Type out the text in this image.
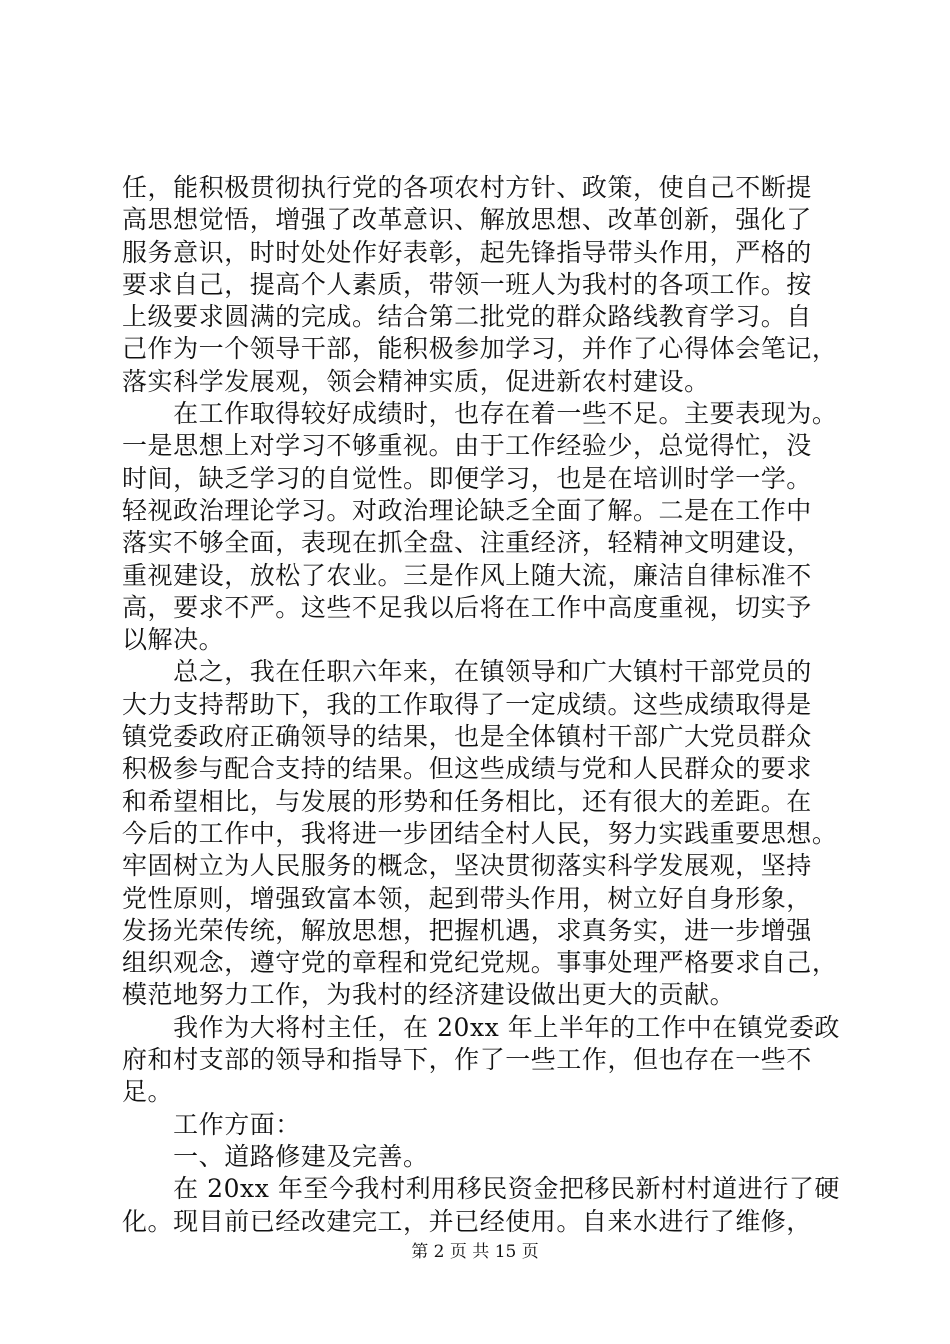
任，能积极贯彻执行党的各项农村方针、政策，使自己不断提
高思想觉悟，增强了改革意识、解放思想、改革创新，强化了
服务意识，时时处处作好表彰，起先锋指导带头作用，严格的
要求自己，提高个人素质，带领一班人为我村的各项工作。按
上级要求圆满的完成。结合第二批党的群众路线教育学习。自
己作为一个领导干部，能积极参加学习，并作了心得体会笔记，
落实科学发展观，领会精神实质，促进新农村建设。
　　在工作取得较好成绩时，也存在着一些不足。主要表现为。
一是思想上对学习不够重视。由于工作经验少，总觉得忙，没
时间，缺乏学习的自觉性。即便学习，也是在培训时学一学。
轻视政治理论学习。对政治理论缺乏全面了解。二是在工作中
落实不够全面，表现在抓全盘、注重经济，轻精神文明建设，
重视建设，放松了农业。三是作风上随大流，廉洁自律标准不
高，要求不严。这些不足我以后将在工作中高度重视，切实予
以解决。
　　总之，我在任职六年来，在镇领导和广大镇村干部党员的
大力支持帮助下，我的工作取得了一定成绩。这些成绩取得是
镇党委政府正确领导的结果，也是全体镇村干部广大党员群众
积极参与配合支持的结果。但这些成绩与党和人民群众的要求
和希望相比，与发展的形势和任务相比，还有很大的差距。在
今后的工作中，我将进一步团结全村人民，努力实践重要思想。
牢固树立为人民服务的概念，坚决贯彻落实科学发展观，坚持
党性原则，增强致富本领，起到带头作用，树立好自身形象，
发扬光荣传统，解放思想，把握机遇，求真务实，进一步增强
组织观念，遵守党的章程和党纪党规。事事处理严格要求自己，
模范地努力工作，为我村的经济建设做出更大的贡献。
　　我作为大将村主任，在 20xx 年上半年的工作中在镇党委政
府和村支部的领导和指导下，作了一些工作，但也存在一些不
足。
　　工作方面：
　　一、道路修建及完善。
　　在 20xx 年至今我村利用移民资金把移民新村村道进行了硬
化。现目前已经改建完工，并已经使用。自来水进行了维修，
第 2 页 共 15 页
